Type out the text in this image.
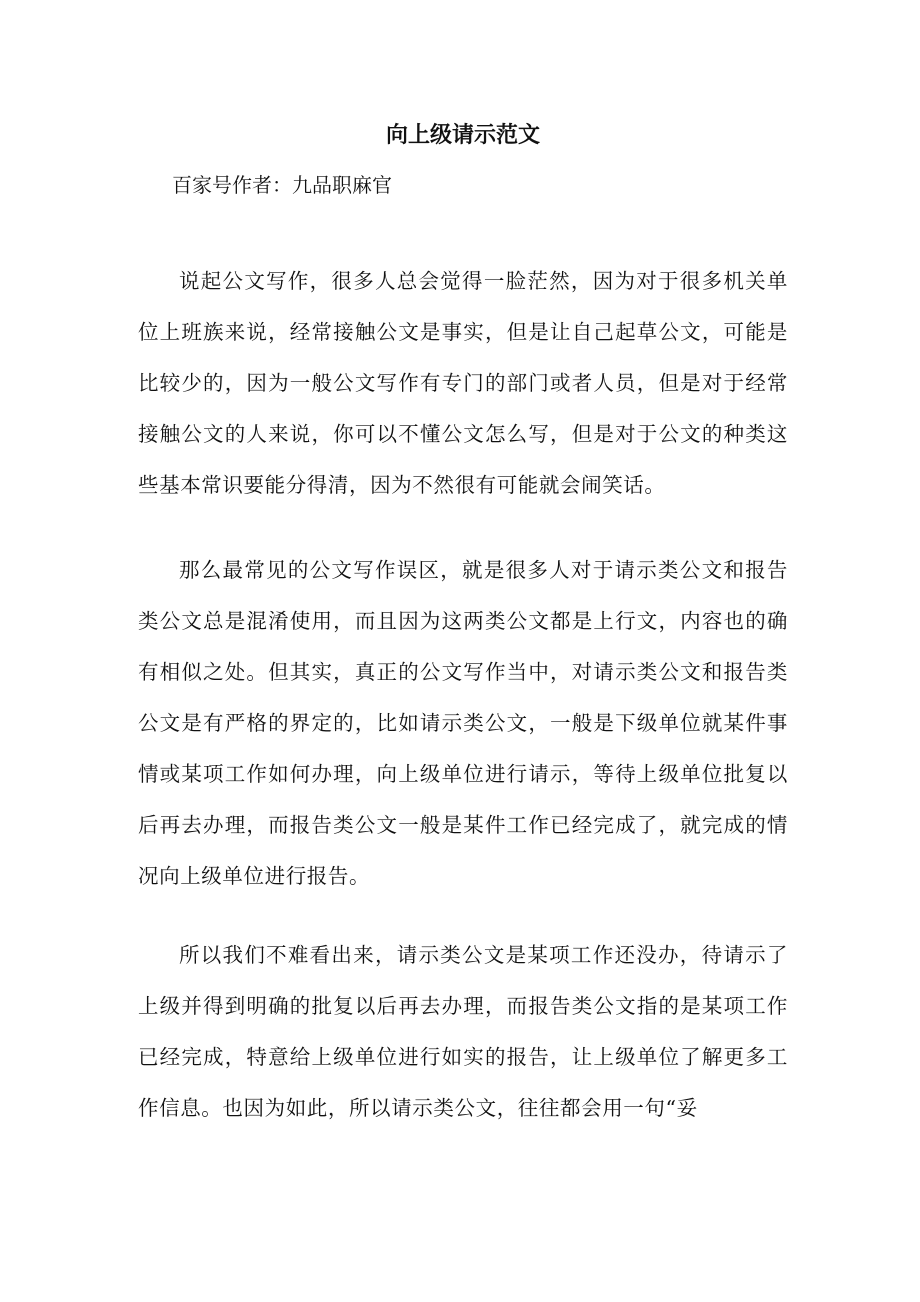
向上级请示范文

百家号作者：九品职麻官

说起公文写作，很多人总会觉得一脸茫然，因为对于很多机关单位上班族来说，经常接触公文是事实，但是让自己起草公文，可能是比较少的，因为一般公文写作有专门的部门或者人员，但是对于经常接触公文的人来说，你可以不懂公文怎么写，但是对于公文的种类这些基本常识要能分得清，因为不然很有可能就会闹笑话。

那么最常见的公文写作误区，就是很多人对于请示类公文和报告类公文总是混淆使用，而且因为这两类公文都是上行文，内容也的确有相似之处。但其实，真正的公文写作当中，对请示类公文和报告类公文是有严格的界定的，比如请示类公文，一般是下级单位就某件事情或某项工作如何办理，向上级单位进行请示，等待上级单位批复以后再去办理，而报告类公文一般是某件工作已经完成了，就完成的情况向上级单位进行报告。

所以我们不难看出来，请示类公文是某项工作还没办，待请示了上级并得到明确的批复以后再去办理，而报告类公文指的是某项工作已经完成，特意给上级单位进行如实的报告，让上级单位了解更多工作信息。也因为如此，所以请示类公文，往往都会用一句“妥
